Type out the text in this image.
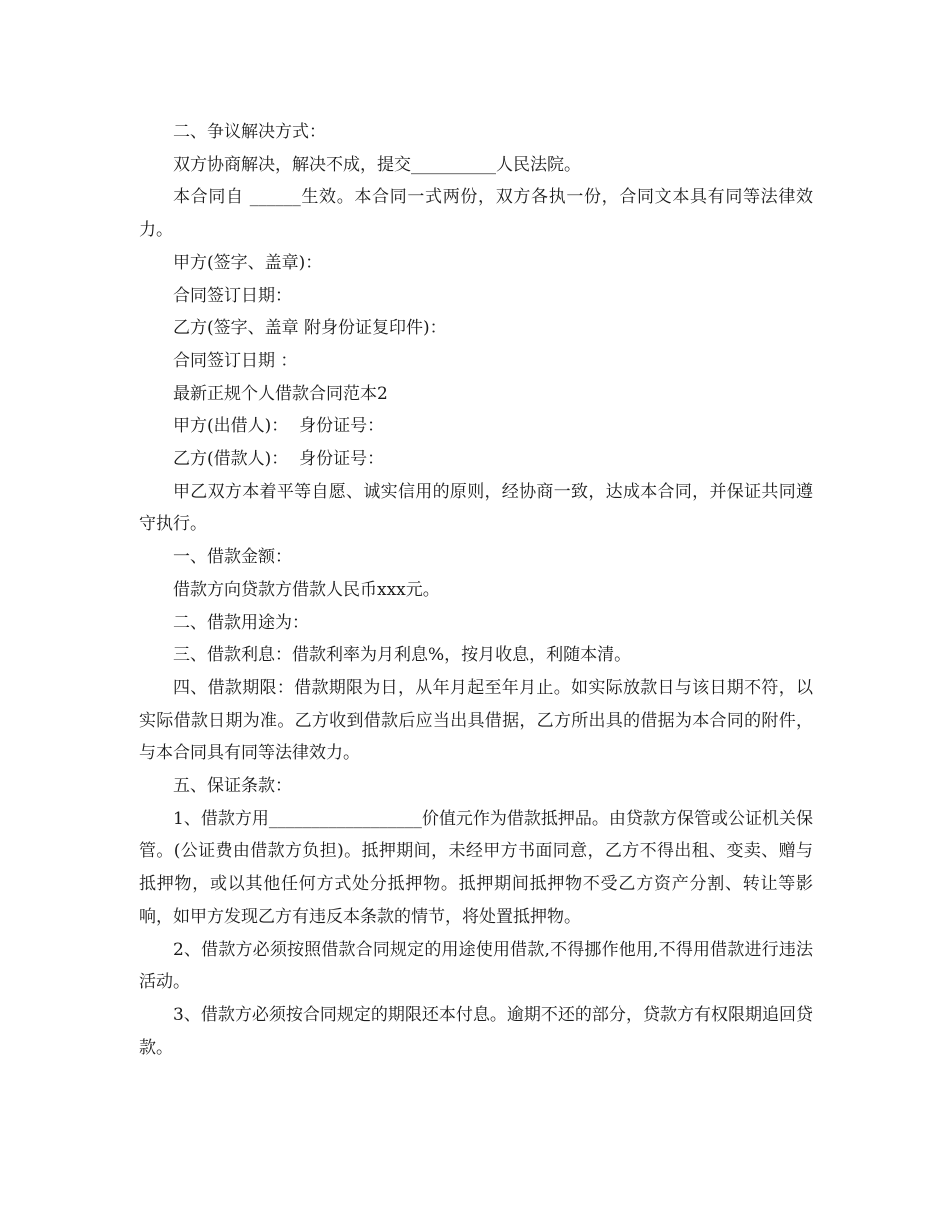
二、争议解决方式：

双方协商解决，解决不成，提交__________人民法院。

本合同自 ______生效。本合同一式两份，双方各执一份，合同文本具有同等法律效力。

甲方(签字、盖章)：

合同签订日期：

乙方(签字、盖章 附身份证复印件)：

合同签订日期 ：

最新正规个人借款合同范本2

甲方(出借人)：  身份证号：

乙方(借款人)：  身份证号：

甲乙双方本着平等自愿、诚实信用的原则，经协商一致，达成本合同，并保证共同遵守执行。

一、借款金额：

借款方向贷款方借款人民币xxx元。

二、借款用途为：

三、借款利息：借款利率为月利息%，按月收息，利随本清。

四、借款期限：借款期限为日，从年月起至年月止。如实际放款日与该日期不符，以实际借款日期为准。乙方收到借款后应当出具借据，乙方所出具的借据为本合同的附件，与本合同具有同等法律效力。

五、保证条款：

1、借款方用__________________价值元作为借款抵押品。由贷款方保管或公证机关保管。(公证费由借款方负担)。抵押期间，未经甲方书面同意，乙方不得出租、变卖、赠与抵押物，或以其他任何方式处分抵押物。抵押期间抵押物不受乙方资产分割、转让等影响，如甲方发现乙方有违反本条款的情节，将处置抵押物。

2、借款方必须按照借款合同规定的用途使用借款,不得挪作他用,不得用借款进行违法活动。

3、借款方必须按合同规定的期限还本付息。逾期不还的部分，贷款方有权限期追回贷款。
